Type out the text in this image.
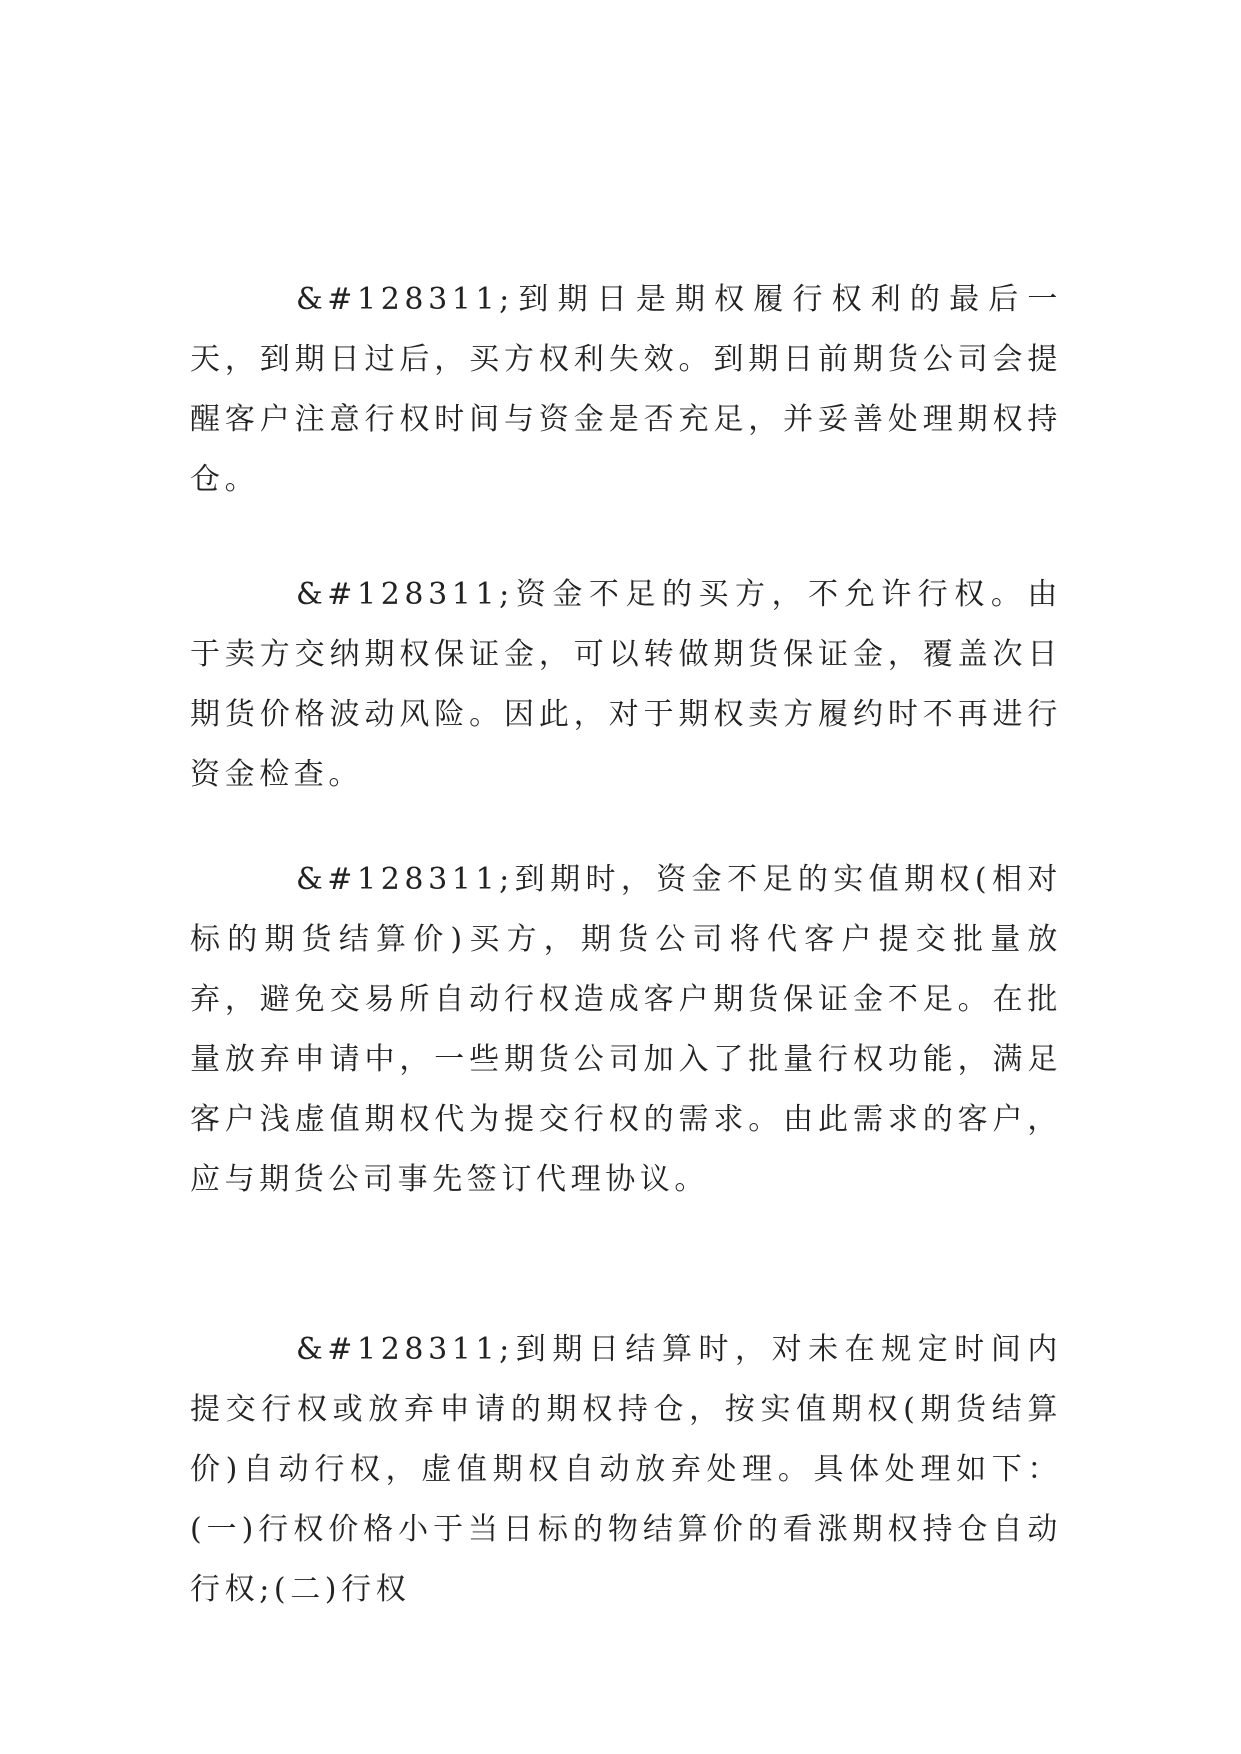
&#128311;到期日是期权履行权利的最后一天，到期日过后，买方权利失效。到期日前期货公司会提醒客户注意行权时间与资金是否充足，并妥善处理期权持仓。

&#128311;资金不足的买方，不允许行权。由于卖方交纳期权保证金，可以转做期货保证金，覆盖次日期货价格波动风险。因此，对于期权卖方履约时不再进行资金检查。

&#128311;到期时，资金不足的实值期权(相对标的期货结算价)买方，期货公司将代客户提交批量放弃，避免交易所自动行权造成客户期货保证金不足。在批量放弃申请中，一些期货公司加入了批量行权功能，满足客户浅虚值期权代为提交行权的需求。由此需求的客户，应与期货公司事先签订代理协议。

&#128311;到期日结算时，对未在规定时间内提交行权或放弃申请的期权持仓，按实值期权(期货结算价)自动行权，虚值期权自动放弃处理。具体处理如下：(一)行权价格小于当日标的物结算价的看涨期权持仓自动行权;(二)行权
